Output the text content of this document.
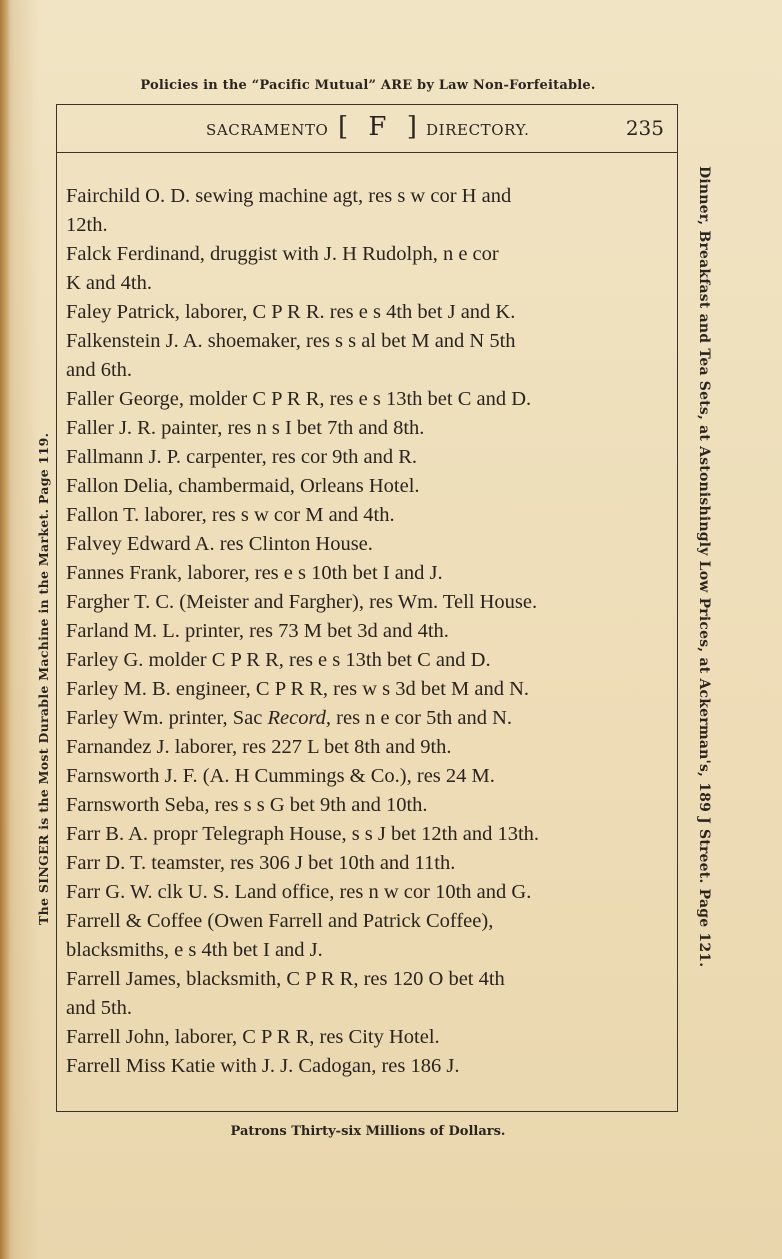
Policies in the “Pacific Mutual” ARE by Law Non-Forfeitable.
SACRAMENTO [ F ] DIRECTORY.	235
Fairchild O. D. sewing machine agt, res s w cor H and
12th.
Falck Ferdinand, druggist with J. H Rudolph, n e cor
K and 4th.
Faley Patrick, laborer, C P R R. res e s 4th bet J and K.
Falkenstein J. A. shoemaker, res s s al bet M and N 5th
and 6th.
Faller George, molder C P R R, res e s 13th bet C and D.
Faller J. R. painter, res n s I bet 7th and 8th.
Fallmann J. P. carpenter, res cor 9th and R.
Fallon Delia, chambermaid, Orleans Hotel.
Fallon T. laborer, res s w cor M and 4th.
Falvey Edward A. res Clinton House.
Fannes Frank, laborer, res e s 10th bet I and J.
Fargher T. C. (Meister and Fargher), res Wm. Tell House.
Farland M. L. printer, res 73 M bet 3d and 4th.
Farley G. molder C P R R, res e s 13th bet C and D.
Farley M. B. engineer, C P R R, res w s 3d bet M and N.
Farley Wm. printer, Sac Record, res n e cor 5th and N.
Farnandez J. laborer, res 227 L bet 8th and 9th.
Farnsworth J. F. (A. H Cummings & Co.), res 24 M.
Farnsworth Seba, res s s G bet 9th and 10th.
Farr B. A. propr Telegraph House, s s J bet 12th and 13th.
Farr D. T. teamster, res 306 J bet 10th and 11th.
Farr G. W. clk U. S. Land office, res n w cor 10th and G.
Farrell & Coffee (Owen Farrell and Patrick Coffee),
blacksmiths, e s 4th bet I and J.
Farrell James, blacksmith, C P R R, res 120 O bet 4th
and 5th.
Farrell John, laborer, C P R R, res City Hotel.
Farrell Miss Katie with J. J. Cadogan, res 186 J.
Patrons Thirty-six Millions of Dollars.
The SINGER is the Most Durable Machine in the Market. Page 119.	Dinner, Breakfast and Tea Sets, at Astonishingly Low Prices, at Ackerman's, 189 J Street. Page 121.
